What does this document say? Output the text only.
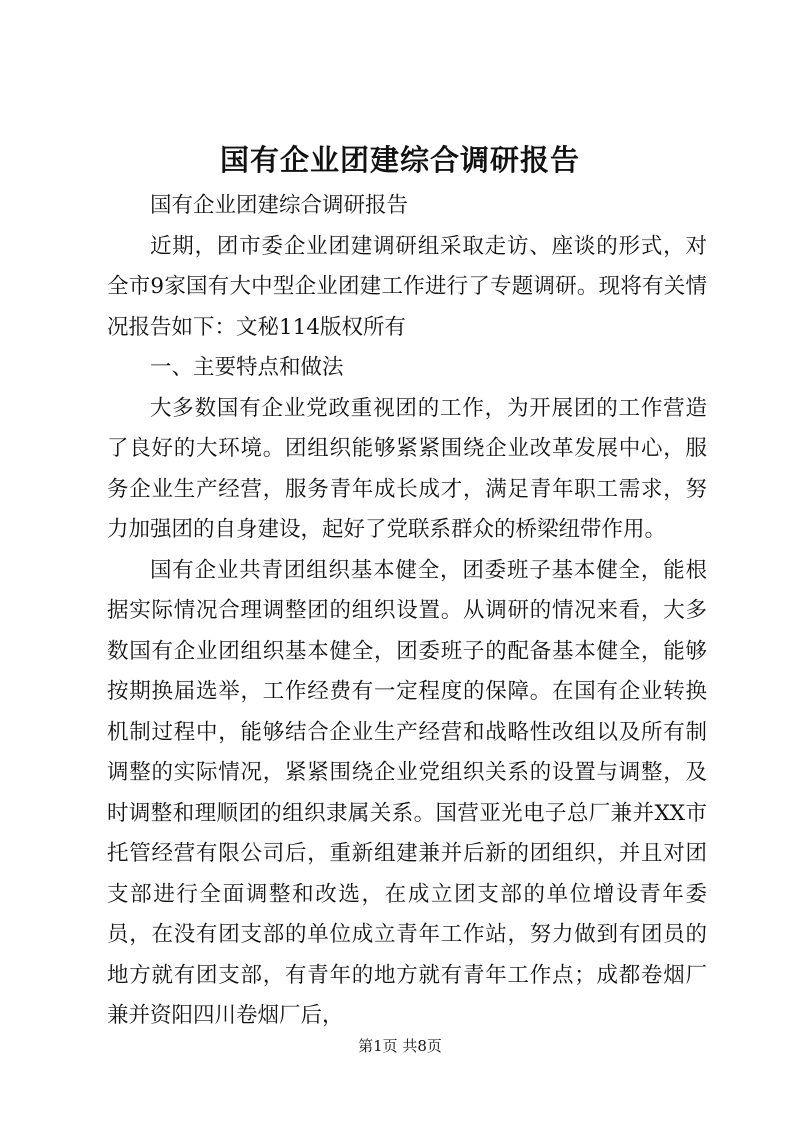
国有企业团建综合调研报告

国有企业团建综合调研报告

近期，团市委企业团建调研组采取走访、座谈的形式，对全市9家国有大中型企业团建工作进行了专题调研。现将有关情况报告如下：文秘114版权所有

一、主要特点和做法

大多数国有企业党政重视团的工作，为开展团的工作营造了良好的大环境。团组织能够紧紧围绕企业改革发展中心，服务企业生产经营，服务青年成长成才，满足青年职工需求，努力加强团的自身建设，起好了党联系群众的桥梁纽带作用。

国有企业共青团组织基本健全，团委班子基本健全，能根据实际情况合理调整团的组织设置。从调研的情况来看，大多数国有企业团组织基本健全，团委班子的配备基本健全，能够按期换届选举，工作经费有一定程度的保障。在国有企业转换机制过程中，能够结合企业生产经营和战略性改组以及所有制调整的实际情况，紧紧围绕企业党组织关系的设置与调整，及时调整和理顺团的组织隶属关系。国营亚光电子总厂兼并XX市托管经营有限公司后，重新组建兼并后新的团组织，并且对团支部进行全面调整和改选，在成立团支部的单位增设青年委员，在没有团支部的单位成立青年工作站，努力做到有团员的地方就有团支部，有青年的地方就有青年工作点；成都卷烟厂兼并资阳四川卷烟厂后，

第1页 共8页
